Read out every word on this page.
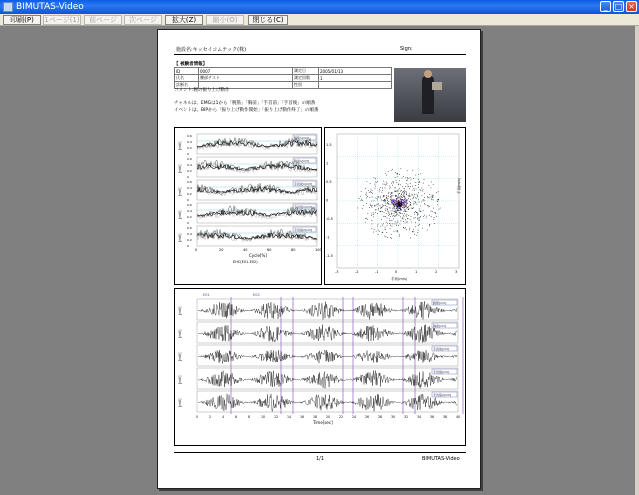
BIMUTAS-Video	_ □ ×
印刷(P)	1ページ(1)	前ページ	次ページ	拡大(Z)	縮小(O)	閉じる(C)
施設名:キッセイコムテック(株)	Sign:
【 被験者情報】
ID	0007	測定日	2005/01/13
氏名	腰部テスト	測定回数	1
診断名		性別	
コメント:腕の振り上げ動作
チャネルは、EMGは1から「腕筋」「胸前」「手首前」「手首後」の順番
イベントは、BIPから「振り上げ動作開始」「振り上げ動作終了」の順番
[mV]
0.6
0.4
0.2
0
腕筋1[mV]
[mV]
0.6
0.4
0.2
0
胸前1[mV]
[mV]
0.6
0.4
0.2
0
手首前1[mV]
[mV]
0.6
0.4
0.2
0
手首後1[mV]
[mV]
0.6
0.4
0.2
0
手首後2[mV]
0	20	40	60	80	100
Cycle[%]
EHC(E01-E02)
1.5
1
0.5
0
-0.5
-1
-1.5
-3	-2	-1	0	1	2	3
手前(m/s)
手前(m/s)
E01	E02
[mV]
腕筋[mV]
[mV]
胸前[mV]
[mV]
手首前[mV]
[mV]
手首後[mV]
[mV]
手首後2[mV]
0	2	4	6	8	10	12	14	16	18	20	22	24	26	28	30	32	34	36	38	40
Time[sec]
1/1	BIMUTAS-Video
